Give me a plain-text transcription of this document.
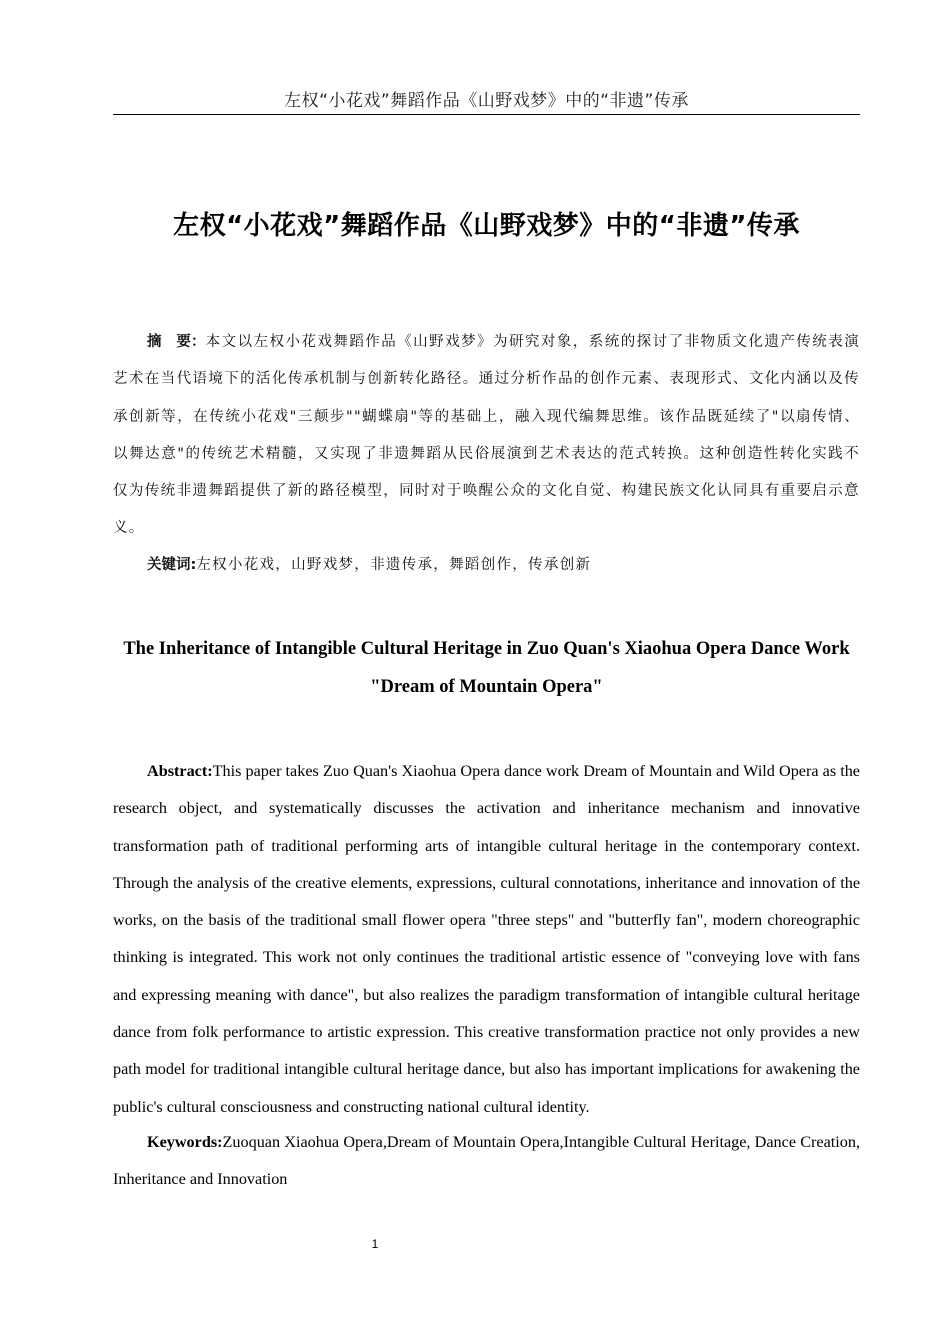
左权“小花戏”舞蹈作品《山野戏梦》中的“非遗”传承
左权“小花戏”舞蹈作品《山野戏梦》中的“非遗”传承

摘　要：本文以左权小花戏舞蹈作品《山野戏梦》为研究对象，系统的探讨了非物质文化遗产传统表演艺术在当代语境下的活化传承机制与创新转化路径。通过分析作品的创作元素、表现形式、文化内涵以及传承创新等，在传统小花戏"三颠步""蝴蝶扇"等的基础上，融入现代编舞思维。该作品既延续了"以扇传情、以舞达意"的传统艺术精髓，又实现了非遗舞蹈从民俗展演到艺术表达的范式转换。这种创造性转化实践不仅为传统非遗舞蹈提供了新的路径模型，同时对于唤醒公众的文化自觉、构建民族文化认同具有重要启示意义。

关键词:左权小花戏，山野戏梦，非遗传承，舞蹈创作，传承创新

The Inheritance of Intangible Cultural Heritage in Zuo Quan's Xiaohua Opera Dance Work "Dream of Mountain Opera"

Abstract:This paper takes Zuo Quan's Xiaohua Opera dance work Dream of Mountain and Wild Opera as the research object, and systematically discusses the activation and inheritance mechanism and innovative transformation path of traditional performing arts of intangible cultural heritage in the contemporary context. Through the analysis of the creative elements, expressions, cultural connotations, inheritance and innovation of the works, on the basis of the traditional small flower opera "three steps" and "butterfly fan", modern choreographic thinking is integrated. This work not only continues the traditional artistic essence of "conveying love with fans and expressing meaning with dance", but also realizes the paradigm transformation of intangible cultural heritage dance from folk performance to artistic expression. This creative transformation practice not only provides a new path model for traditional intangible cultural heritage dance, but also has important implications for awakening the public's cultural consciousness and constructing national cultural identity.

Keywords:Zuoquan Xiaohua Opera,Dream of Mountain Opera,Intangible Cultural Heritage, Dance Creation, Inheritance and Innovation

1
